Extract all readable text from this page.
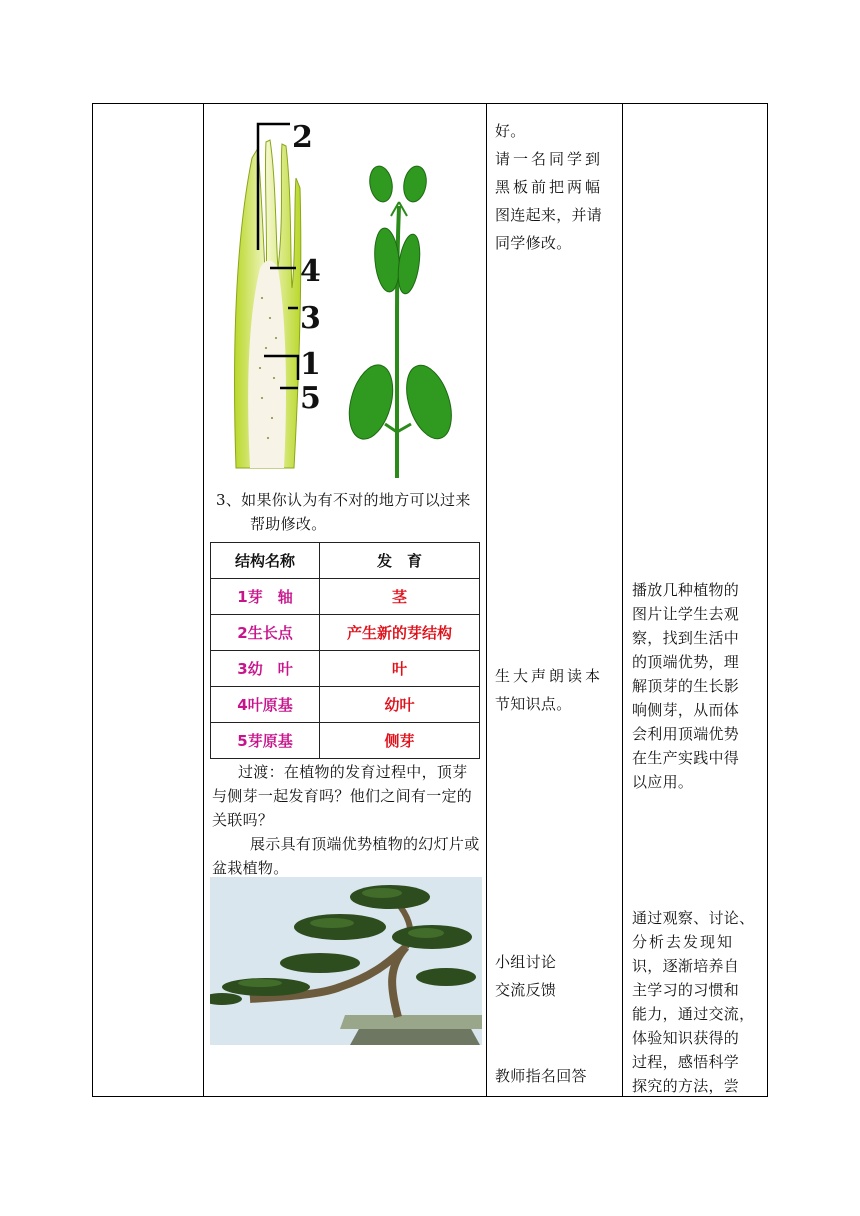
2
4
3
1
5
3、如果你认为有不对的地方可以过来帮助修改。
结构名称	发　育
1芽　轴	茎
2生长点	产生新的芽结构
3幼　叶	叶
4叶原基	幼叶
5芽原基	侧芽
过渡：在植物的发育过程中，顶芽与侧芽一起发育吗？他们之间有一定的关联吗？
展示具有顶端优势植物的幻灯片或盆栽植物。
好。
请一名同学到
黑板前把两幅
图连起来，并请
同学修改。
生大声朗读本
节知识点。
小组讨论
交流反馈
教师指名回答
播放几种植物的
图片让学生去观
察，找到生活中
的顶端优势，理
解顶芽的生长影
响侧芽，从而体
会利用顶端优势
在生产实践中得
以应用。
通过观察、讨论、
分析去发现知
识，逐渐培养自
主学习的习惯和
能力，通过交流，
体验知识获得的
过程，感悟科学
探究的方法，尝
